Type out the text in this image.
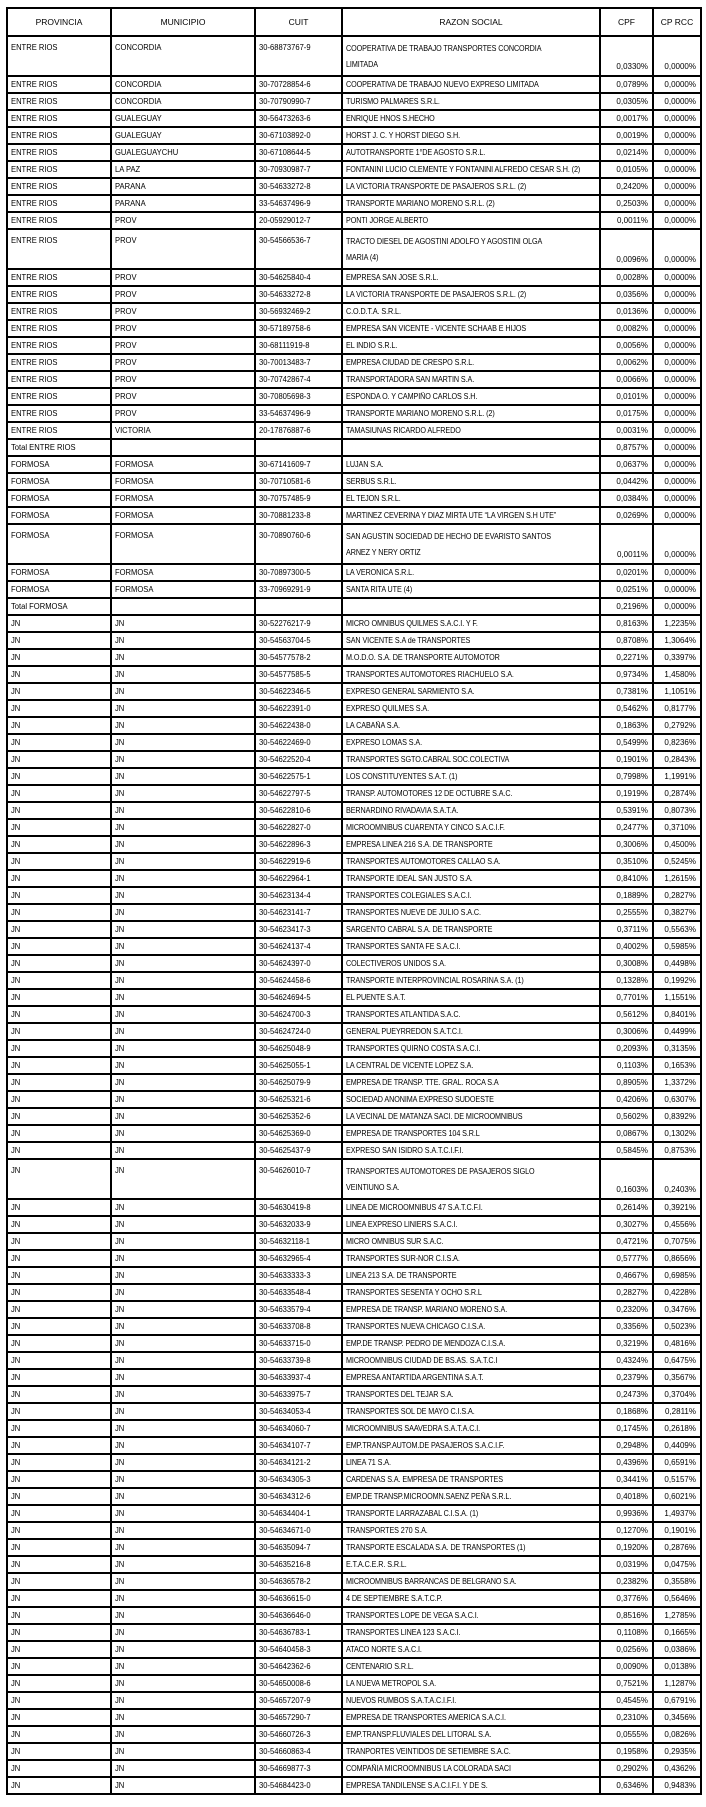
PROVINCIA	MUNICIPIO	CUIT	RAZON SOCIAL	CPF	CP RCC

ENTRE RIOS	CONCORDIA	30-68873767-9	COOPERATIVA DE TRABAJO TRANSPORTES CONCORDIA
LIMITADA	0,0330%	0,0000%

ENTRE RIOS	CONCORDIA	30-70728854-6	COOPERATIVA DE TRABAJO NUEVO EXPRESO LIMITADA	0,0789%	0,0000%

ENTRE RIOS	CONCORDIA	30-70790990-7	TURISMO PALMARES S.R.L.	0,0305%	0,0000%

ENTRE RIOS	GUALEGUAY	30-56473263-6	ENRIQUE HNOS S.HECHO	0,0017%	0,0000%

ENTRE RIOS	GUALEGUAY	30-67103892-0	HORST J. C. Y HORST DIEGO S.H.	0,0019%	0,0000%

ENTRE RIOS	GUALEGUAYCHU	30-67108644-5	AUTOTRANSPORTE 1°DE AGOSTO S.R.L.	0,0214%	0,0000%

ENTRE RIOS	LA PAZ	30-70930987-7	FONTANINI LUCIO CLEMENTE Y FONTANINI ALFREDO CESAR S.H. (2)	0,0105%	0,0000%

ENTRE RIOS	PARANA	30-54633272-8	LA VICTORIA TRANSPORTE DE PASAJEROS S.R.L. (2)	0,2420%	0,0000%

ENTRE RIOS	PARANA	33-54637496-9	TRANSPORTE MARIANO MORENO S.R.L. (2)	0,2503%	0,0000%

ENTRE RIOS	PROV	20-05929012-7	PONTI JORGE ALBERTO	0,0011%	0,0000%

ENTRE RIOS	PROV	30-54566536-7	TRACTO DIESEL DE AGOSTINI ADOLFO Y AGOSTINI OLGA
MARIA (4)	0,0096%	0,0000%

ENTRE RIOS	PROV	30-54625840-4	EMPRESA SAN JOSE S.R.L.	0,0028%	0,0000%

ENTRE RIOS	PROV	30-54633272-8	LA VICTORIA TRANSPORTE DE PASAJEROS S.R.L. (2)	0,0356%	0,0000%

ENTRE RIOS	PROV	30-56932469-2	C.O.D.T.A. S.R.L.	0,0136%	0,0000%

ENTRE RIOS	PROV	30-57189758-6	EMPRESA SAN VICENTE - VICENTE SCHAAB E HIJOS	0,0082%	0,0000%

ENTRE RIOS	PROV	30-68111919-8	EL INDIO S.R.L.	0,0056%	0,0000%

ENTRE RIOS	PROV	30-70013483-7	EMPRESA CIUDAD DE CRESPO S.R.L.	0,0062%	0,0000%

ENTRE RIOS	PROV	30-70742867-4	TRANSPORTADORA SAN MARTIN S.A.	0,0066%	0,0000%

ENTRE RIOS	PROV	30-70805698-3	ESPONDA O. Y CAMPIÑO CARLOS S.H.	0,0101%	0,0000%

ENTRE RIOS	PROV	33-54637496-9	TRANSPORTE MARIANO MORENO S.R.L. (2)	0,0175%	0,0000%

ENTRE RIOS	VICTORIA	20-17876887-6	TAMASIUNAS RICARDO ALFREDO	0,0031%	0,0000%

Total ENTRE RIOS				0,8757%	0,0000%

FORMOSA	FORMOSA	30-67141609-7	LUJAN S.A.	0,0637%	0,0000%

FORMOSA	FORMOSA	30-70710581-6	SERBUS S.R.L.	0,0442%	0,0000%

FORMOSA	FORMOSA	30-70757485-9	EL TEJON S.R.L.	0,0384%	0,0000%

FORMOSA	FORMOSA	30-70881233-8	MARTINEZ CEVERINA Y DIAZ MIRTA UTE “LA VIRGEN S.H UTE”	0,0269%	0,0000%

FORMOSA	FORMOSA	30-70890760-6	SAN AGUSTIN SOCIEDAD DE HECHO DE EVARISTO SANTOS
ARNEZ Y NERY ORTIZ	0,0011%	0,0000%

FORMOSA	FORMOSA	30-70897300-5	LA VERONICA S.R.L.	0,0201%	0,0000%

FORMOSA	FORMOSA	33-70969291-9	SANTA RITA UTE (4)	0,0251%	0,0000%

Total FORMOSA				0,2196%	0,0000%

JN	JN	30-52276217-9	MICRO OMNIBUS QUILMES S.A.C.I. Y F.	0,8163%	1,2235%

JN	JN	30-54563704-5	SAN VICENTE S.A de TRANSPORTES	0,8708%	1,3064%

JN	JN	30-54577578-2	M.O.D.O. S.A. DE TRANSPORTE AUTOMOTOR	0,2271%	0,3397%

JN	JN	30-54577585-5	TRANSPORTES AUTOMOTORES RIACHUELO S.A.	0,9734%	1,4580%

JN	JN	30-54622346-5	EXPRESO GENERAL SARMIENTO S.A.	0,7381%	1,1051%

JN	JN	30-54622391-0	EXPRESO QUILMES S.A.	0,5462%	0,8177%

JN	JN	30-54622438-0	LA CABAÑA S.A.	0,1863%	0,2792%

JN	JN	30-54622469-0	EXPRESO LOMAS S.A.	0,5499%	0,8236%

JN	JN	30-54622520-4	TRANSPORTES SGTO.CABRAL SOC.COLECTIVA	0,1901%	0,2843%

JN	JN	30-54622575-1	LOS CONSTITUYENTES S.A.T. (1)	0,7998%	1,1991%

JN	JN	30-54622797-5	TRANSP. AUTOMOTORES 12 DE OCTUBRE S.A.C.	0,1919%	0,2874%

JN	JN	30-54622810-6	BERNARDINO RIVADAVIA S.A.T.A.	0,5391%	0,8073%

JN	JN	30-54622827-0	MICROOMNIBUS CUARENTA Y CINCO S.A.C.I.F.	0,2477%	0,3710%

JN	JN	30-54622896-3	EMPRESA LINEA 216 S.A. DE TRANSPORTE	0,3006%	0,4500%

JN	JN	30-54622919-6	TRANSPORTES AUTOMOTORES CALLAO S.A.	0,3510%	0,5245%

JN	JN	30-54622964-1	TRANSPORTE IDEAL SAN JUSTO S.A.	0,8410%	1,2615%

JN	JN	30-54623134-4	TRANSPORTES COLEGIALES S.A.C.I.	0,1889%	0,2827%

JN	JN	30-54623141-7	TRANSPORTES NUEVE DE JULIO S.A.C.	0,2555%	0,3827%

JN	JN	30-54623417-3	SARGENTO CABRAL S.A. DE TRANSPORTE	0,3711%	0,5563%

JN	JN	30-54624137-4	TRANSPORTES SANTA FE S.A.C.I.	0,4002%	0,5985%

JN	JN	30-54624397-0	COLECTIVEROS UNIDOS S.A.	0,3008%	0,4498%

JN	JN	30-54624458-6	TRANSPORTE INTERPROVINCIAL ROSARINA S.A. (1)	0,1328%	0,1992%

JN	JN	30-54624694-5	EL PUENTE S.A.T.	0,7701%	1,1551%

JN	JN	30-54624700-3	TRANSPORTES ATLANTIDA S.A.C.	0,5612%	0,8401%

JN	JN	30-54624724-0	GENERAL PUEYRREDON S.A.T.C.I.	0,3006%	0,4499%

JN	JN	30-54625048-9	TRANSPORTES QUIRNO COSTA S.A.C.I.	0,2093%	0,3135%

JN	JN	30-54625055-1	LA CENTRAL DE VICENTE LOPEZ S.A.	0,1103%	0,1653%

JN	JN	30-54625079-9	EMPRESA DE TRANSP. TTE. GRAL. ROCA S.A	0,8905%	1,3372%

JN	JN	30-54625321-6	SOCIEDAD ANONIMA EXPRESO SUDOESTE	0,4206%	0,6307%

JN	JN	30-54625352-6	LA VECINAL DE MATANZA SACI. DE MICROOMNIBUS	0,5602%	0,8392%

JN	JN	30-54625369-0	EMPRESA DE TRANSPORTES 104 S.R.L	0,0867%	0,1302%

JN	JN	30-54625437-9	EXPRESO SAN ISIDRO S.A.T.C.I.F.I.	0,5845%	0,8753%

JN	JN	30-54626010-7	TRANSPORTES AUTOMOTORES DE PASAJEROS SIGLO
VEINTIUNO S.A.	0,1603%	0,2403%

JN	JN	30-54630419-8	LINEA DE MICROOMNIBUS 47 S.A.T.C.F.I.	0,2614%	0,3921%

JN	JN	30-54632033-9	LINEA EXPRESO LINIERS S.A.C.I.	0,3027%	0,4556%

JN	JN	30-54632118-1	MICRO OMNIBUS SUR S.A.C.	0,4721%	0,7075%

JN	JN	30-54632965-4	TRANSPORTES SUR-NOR C.I.S.A.	0,5777%	0,8656%

JN	JN	30-54633333-3	LINEA 213 S.A. DE TRANSPORTE	0,4667%	0,6985%

JN	JN	30-54633548-4	TRANSPORTES SESENTA Y OCHO S.R.L	0,2827%	0,4228%

JN	JN	30-54633579-4	EMPRESA DE TRANSP. MARIANO MORENO S.A.	0,2320%	0,3476%

JN	JN	30-54633708-8	TRANSPORTES NUEVA CHICAGO C.I.S.A.	0,3356%	0,5023%

JN	JN	30-54633715-0	EMP.DE TRANSP. PEDRO DE MENDOZA C.I.S.A.	0,3219%	0,4816%

JN	JN	30-54633739-8	MICROOMNIBUS CIUDAD DE BS.AS. S.A.T.C.I	0,4324%	0,6475%

JN	JN	30-54633937-4	EMPRESA ANTARTIDA ARGENTINA S.A.T.	0,2379%	0,3567%

JN	JN	30-54633975-7	TRANSPORTES DEL TEJAR S.A.	0,2473%	0,3704%

JN	JN	30-54634053-4	TRANSPORTES SOL DE MAYO C.I.S.A.	0,1868%	0,2811%

JN	JN	30-54634060-7	MICROOMNIBUS SAAVEDRA S.A.T.A.C.I.	0,1745%	0,2618%

JN	JN	30-54634107-7	EMP.TRANSP.AUTOM.DE PASAJEROS S.A.C.I.F.	0,2948%	0,4409%

JN	JN	30-54634121-2	LINEA 71 S.A.	0,4396%	0,6591%

JN	JN	30-54634305-3	CARDENAS S.A. EMPRESA DE TRANSPORTES	0,3441%	0,5157%

JN	JN	30-54634312-6	EMP.DE TRANSP.MICROOMN.SAENZ PEÑA S.R.L.	0,4018%	0,6021%

JN	JN	30-54634404-1	TRANSPORTE LARRAZABAL C.I.S.A. (1)	0,9936%	1,4937%

JN	JN	30-54634671-0	TRANSPORTES 270 S.A.	0,1270%	0,1901%

JN	JN	30-54635094-7	TRANSPORTE ESCALADA S.A. DE TRANSPORTES (1)	0,1920%	0,2876%

JN	JN	30-54635216-8	E.T.A.C.E.R. S.R.L.	0,0319%	0,0475%

JN	JN	30-54636578-2	MICROOMNIBUS BARRANCAS DE BELGRANO S.A.	0,2382%	0,3558%

JN	JN	30-54636615-0	4 DE SEPTIEMBRE S.A.T.C.P.	0,3776%	0,5646%

JN	JN	30-54636646-0	TRANSPORTES LOPE DE VEGA S.A.C.I.	0,8516%	1,2785%

JN	JN	30-54636783-1	TRANSPORTES LINEA 123 S.A.C.I.	0,1108%	0,1665%

JN	JN	30-54640458-3	ATACO NORTE S.A.C.I.	0,0256%	0,0386%

JN	JN	30-54642362-6	CENTENARIO S.R.L.	0,0090%	0,0138%

JN	JN	30-54650008-6	LA NUEVA METROPOL S.A.	0,7521%	1,1287%

JN	JN	30-54657207-9	NUEVOS RUMBOS S.A.T.A.C.I.F.I.	0,4545%	0,6791%

JN	JN	30-54657290-7	EMPRESA DE TRANSPORTES AMERICA S.A.C.I.	0,2310%	0,3456%

JN	JN	30-54660726-3	EMP.TRANSP.FLUVIALES DEL LITORAL S.A.	0,0555%	0,0826%

JN	JN	30-54660863-4	TRANPORTES VEINTIDOS DE SETIEMBRE S.A.C.	0,1958%	0,2935%

JN	JN	30-54669877-3	COMPAÑIA MICROOMNIBUS LA COLORADA SACI	0,2902%	0,4362%

JN	JN	30-54684423-0	EMPRESA TANDILENSE S.A.C.I.F.I. Y DE S.	0,6346%	0,9483%
